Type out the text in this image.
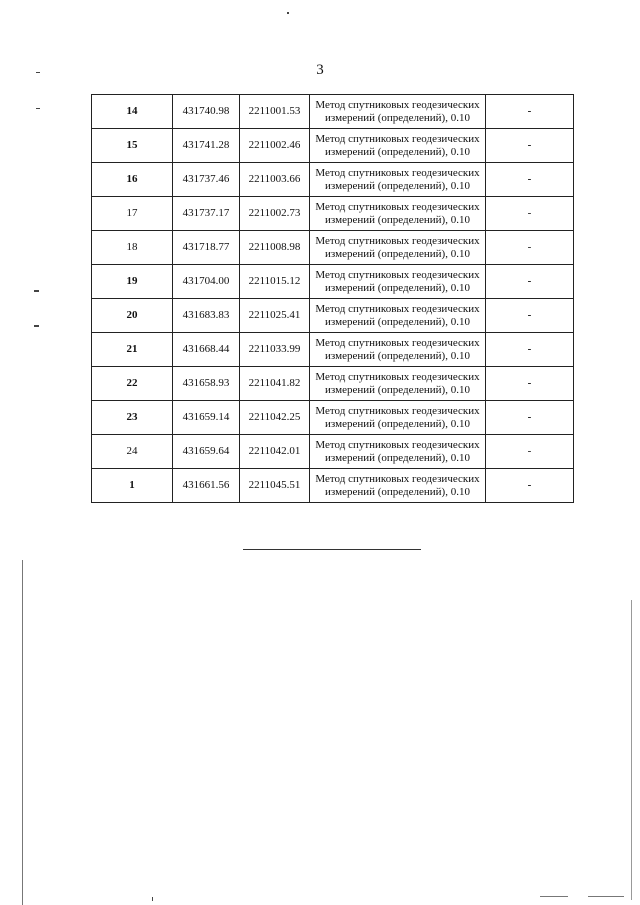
3
14	431740.98	2211001.53	Метод спутниковых геодезических
измерений (определений), 0.10	-
15	431741.28	2211002.46	Метод спутниковых геодезических
измерений (определений), 0.10	-
16	431737.46	2211003.66	Метод спутниковых геодезических
измерений (определений), 0.10	-
17	431737.17	2211002.73	Метод спутниковых геодезических
измерений (определений), 0.10	-
18	431718.77	2211008.98	Метод спутниковых геодезических
измерений (определений), 0.10	-
19	431704.00	2211015.12	Метод спутниковых геодезических
измерений (определений), 0.10	-
20	431683.83	2211025.41	Метод спутниковых геодезических
измерений (определений), 0.10	-
21	431668.44	2211033.99	Метод спутниковых геодезических
измерений (определений), 0.10	-
22	431658.93	2211041.82	Метод спутниковых геодезических
измерений (определений), 0.10	-
23	431659.14	2211042.25	Метод спутниковых геодезических
измерений (определений), 0.10	-
24	431659.64	2211042.01	Метод спутниковых геодезических
измерений (определений), 0.10	-
1	431661.56	2211045.51	Метод спутниковых геодезических
измерений (определений), 0.10	-
